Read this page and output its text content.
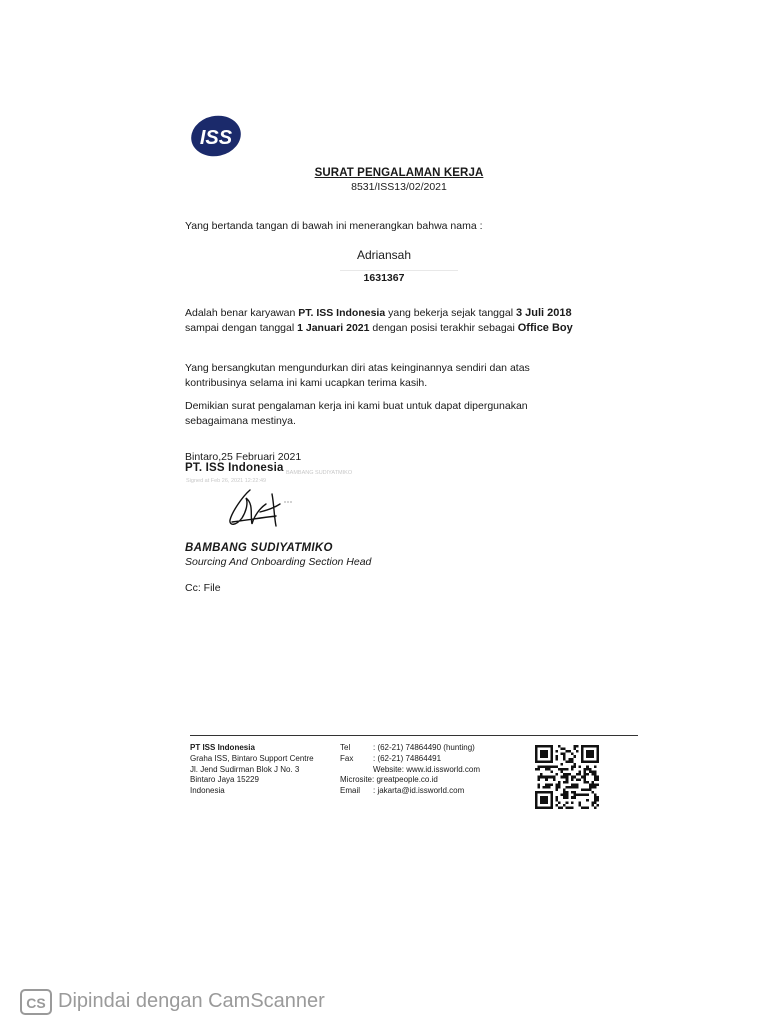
ISS
SURAT PENGALAMAN KERJA
8531/ISS13/02/2021
Yang bertanda tangan di bawah ini menerangkan bahwa nama :
Adriansah
1631367
Adalah benar karyawan PT. ISS Indonesia yang bekerja sejak tanggal 3 Juli 2018
sampai dengan tanggal 1 Januari 2021 dengan posisi terakhir sebagai Office Boy
Yang bersangkutan mengundurkan diri atas keinginannya sendiri dan atas
kontribusinya selama ini kami ucapkan terima kasih.
Demikian surat pengalaman kerja ini kami buat untuk dapat dipergunakan
sebagaimana mestinya.
Bintaro,25 Februari 2021
PT. ISS Indonesia BAMBANG SUDIYATMIKO
Signed at Feb 26, 2021 12:22:49
BAMBANG SUDIYATMIKO
Sourcing And Onboarding Section Head
Cc: File
PT ISS Indonesia
Graha ISS, Bintaro Support Centre
Jl. Jend Sudirman Blok J No. 3
Bintaro Jaya 15229
Indonesia
Tel
Fax

Microsite: greatpeople.co.id
Email
: (62-21) 74864490 (hunting)
: (62-21) 74864491
Website: www.id.issworld.com

: jakarta@id.issworld.com
CS Dipindai dengan CamScanner
